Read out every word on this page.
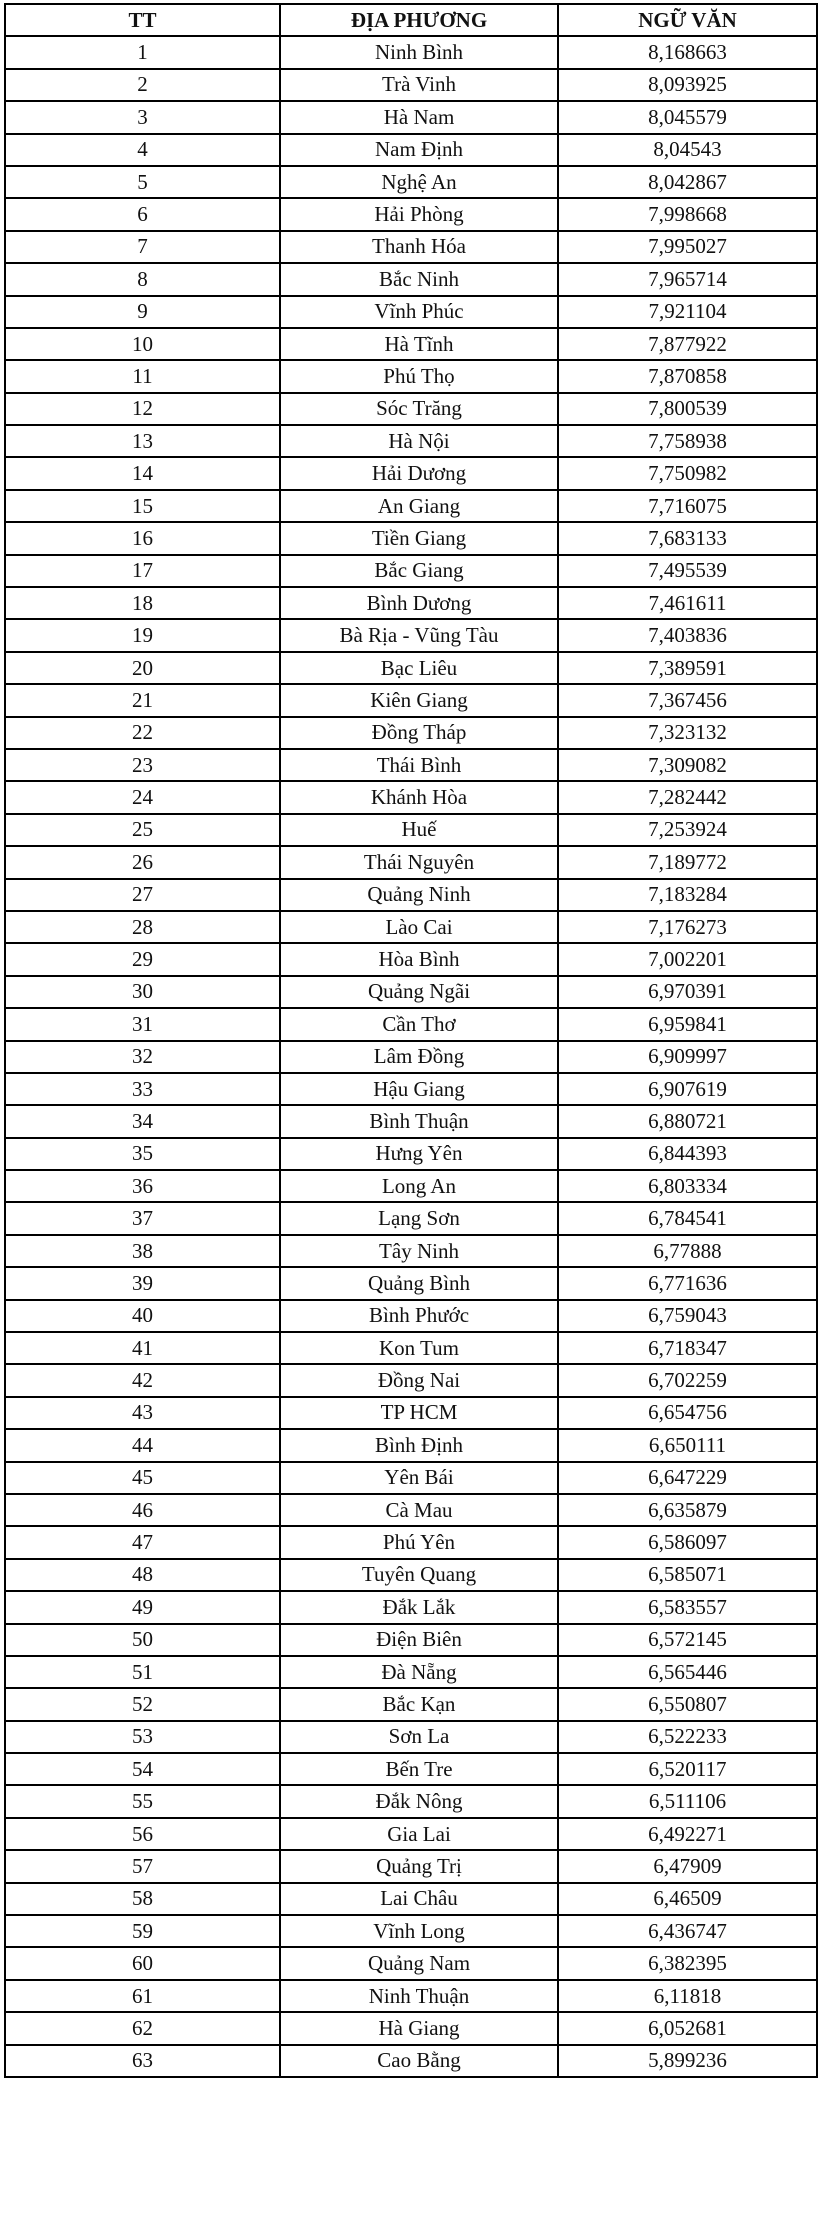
TT	ĐỊA PHƯƠNG	NGỮ VĂN
1	Ninh Bình	8,168663
2	Trà Vinh	8,093925
3	Hà Nam	8,045579
4	Nam Định	8,04543
5	Nghệ An	8,042867
6	Hải Phòng	7,998668
7	Thanh Hóa	7,995027
8	Bắc Ninh	7,965714
9	Vĩnh Phúc	7,921104
10	Hà Tĩnh	7,877922
11	Phú Thọ	7,870858
12	Sóc Trăng	7,800539
13	Hà Nội	7,758938
14	Hải Dương	7,750982
15	An Giang	7,716075
16	Tiền Giang	7,683133
17	Bắc Giang	7,495539
18	Bình Dương	7,461611
19	Bà Rịa - Vũng Tàu	7,403836
20	Bạc Liêu	7,389591
21	Kiên Giang	7,367456
22	Đồng Tháp	7,323132
23	Thái Bình	7,309082
24	Khánh Hòa	7,282442
25	Huế	7,253924
26	Thái Nguyên	7,189772
27	Quảng Ninh	7,183284
28	Lào Cai	7,176273
29	Hòa Bình	7,002201
30	Quảng Ngãi	6,970391
31	Cần Thơ	6,959841
32	Lâm Đồng	6,909997
33	Hậu Giang	6,907619
34	Bình Thuận	6,880721
35	Hưng Yên	6,844393
36	Long An	6,803334
37	Lạng Sơn	6,784541
38	Tây Ninh	6,77888
39	Quảng Bình	6,771636
40	Bình Phước	6,759043
41	Kon Tum	6,718347
42	Đồng Nai	6,702259
43	TP HCM	6,654756
44	Bình Định	6,650111
45	Yên Bái	6,647229
46	Cà Mau	6,635879
47	Phú Yên	6,586097
48	Tuyên Quang	6,585071
49	Đắk Lắk	6,583557
50	Điện Biên	6,572145
51	Đà Nẵng	6,565446
52	Bắc Kạn	6,550807
53	Sơn La	6,522233
54	Bến Tre	6,520117
55	Đắk Nông	6,511106
56	Gia Lai	6,492271
57	Quảng Trị	6,47909
58	Lai Châu	6,46509
59	Vĩnh Long	6,436747
60	Quảng Nam	6,382395
61	Ninh Thuận	6,11818
62	Hà Giang	6,052681
63	Cao Bằng	5,899236
